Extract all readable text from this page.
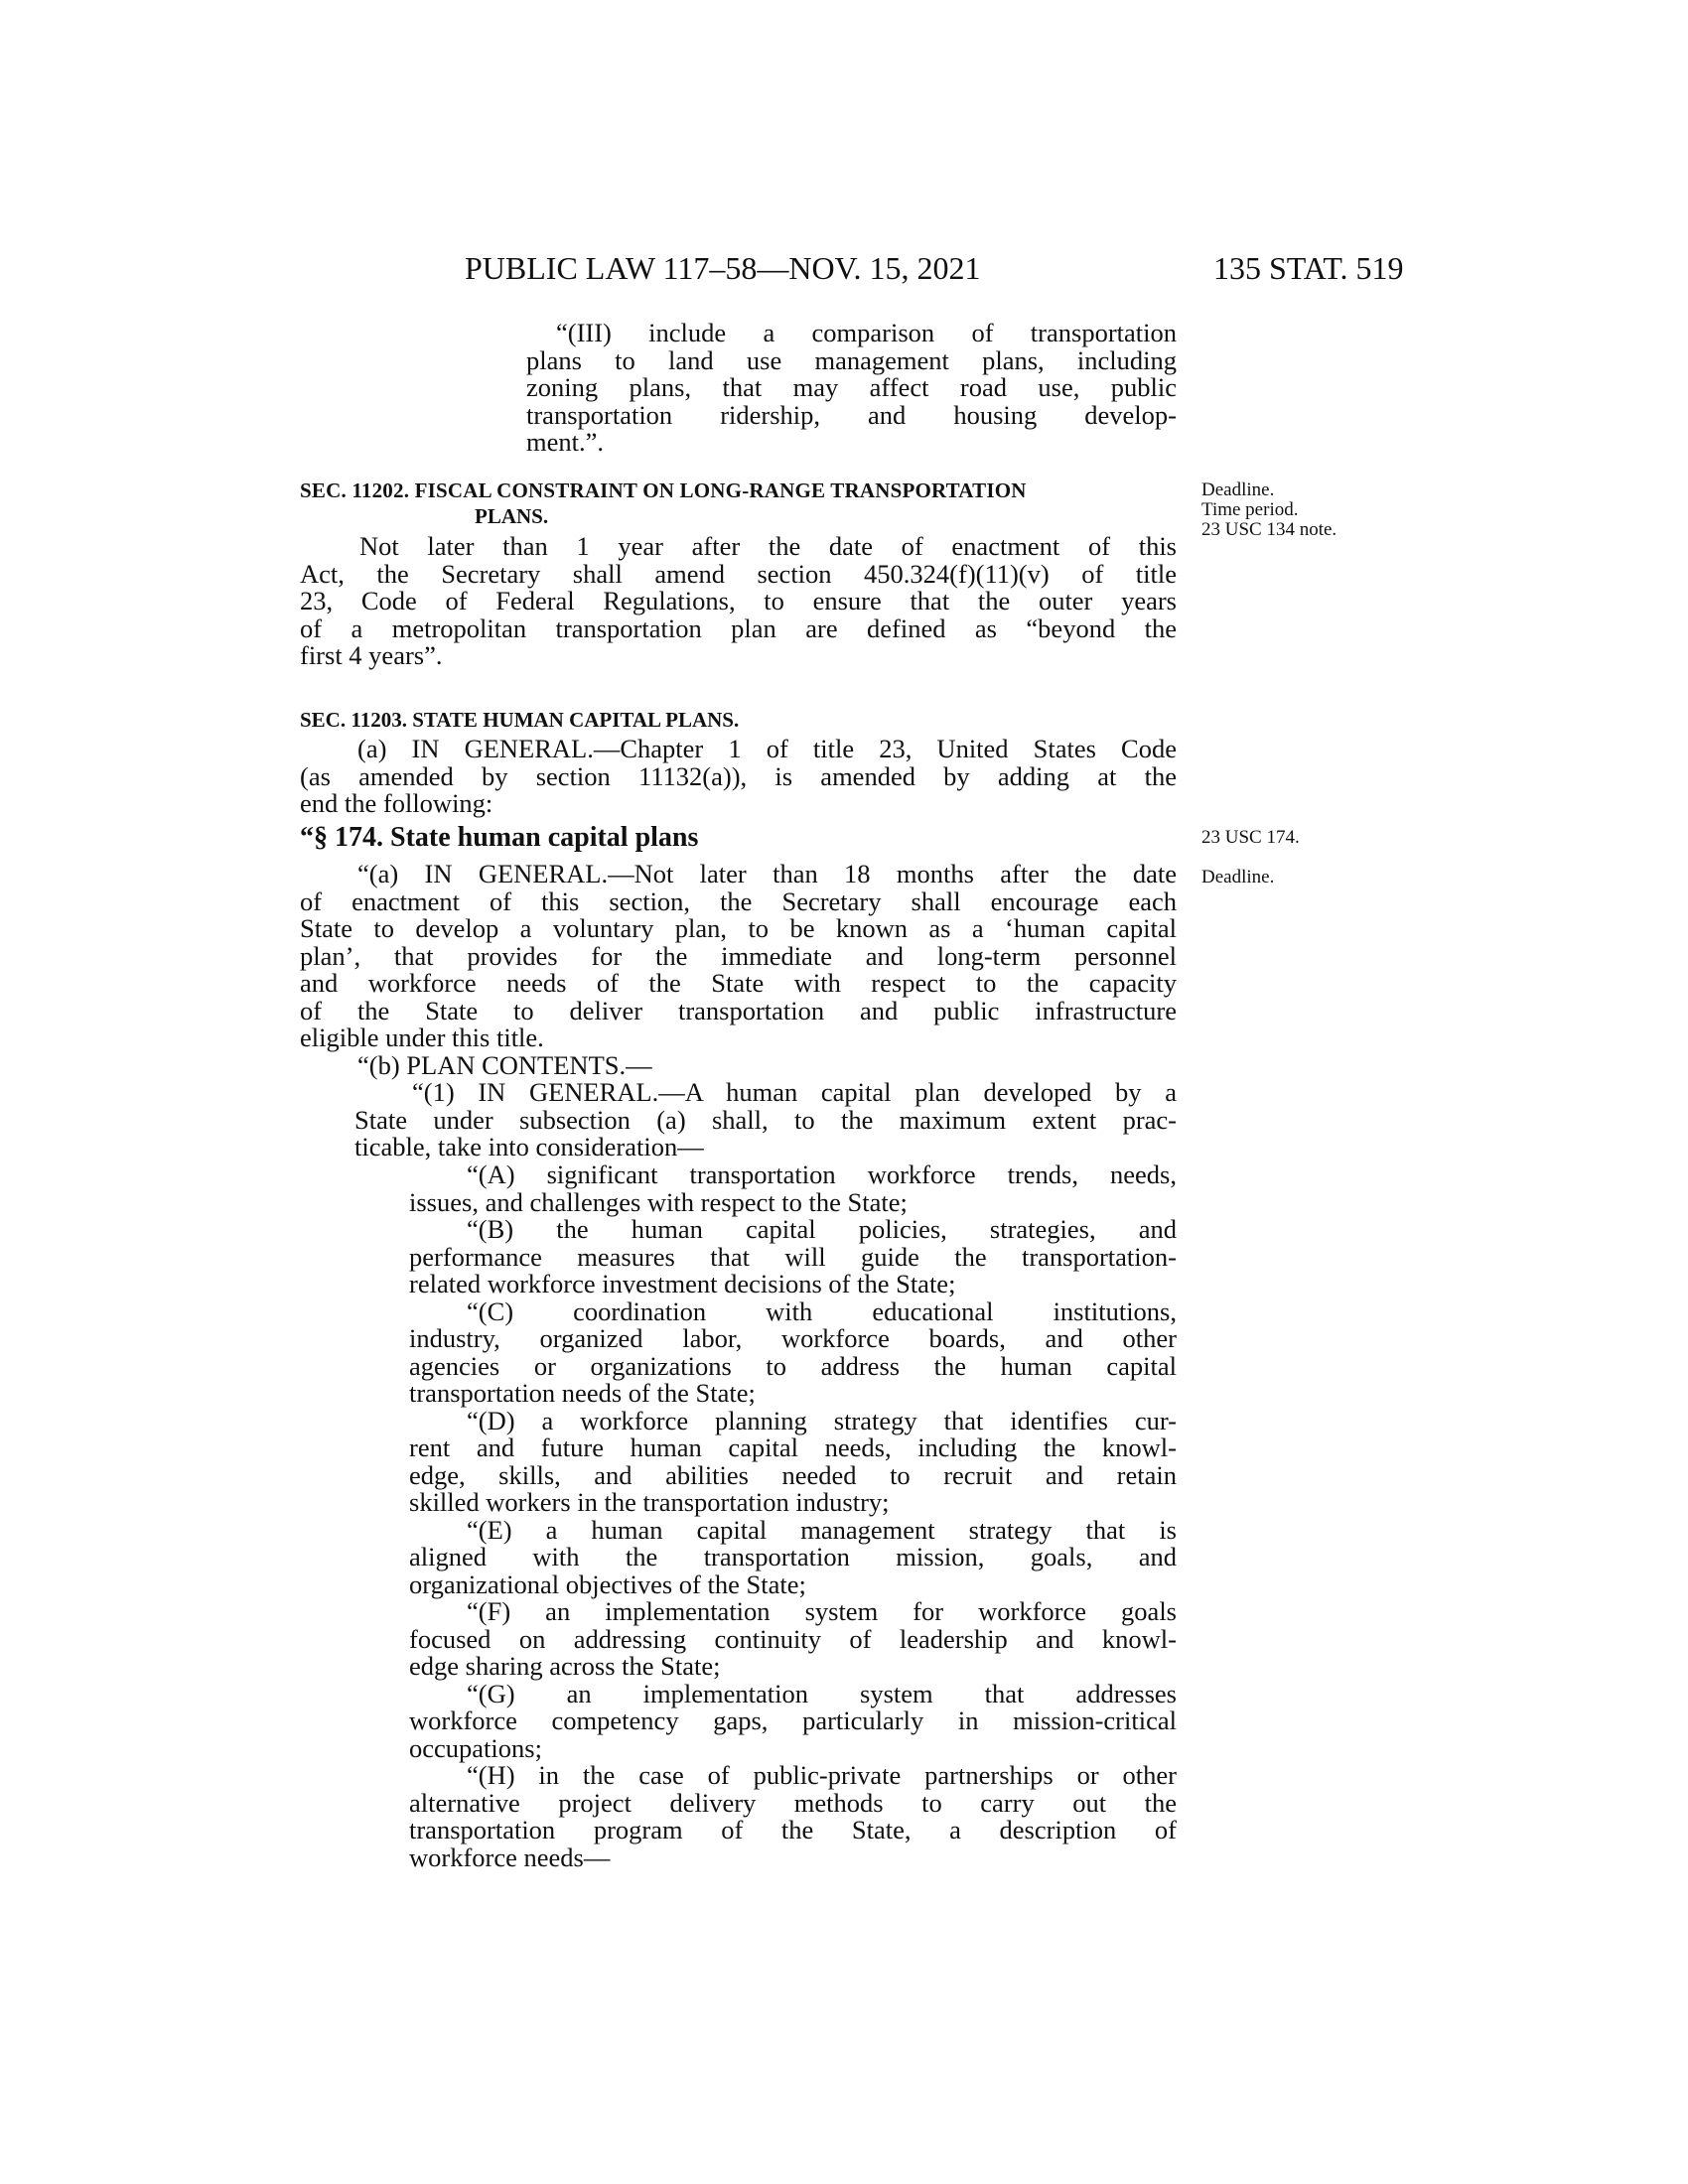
PUBLIC LAW 117–58—NOV. 15, 2021	135 STAT. 519
“(III) include a comparison of transportation
plans to land use management plans, including
zoning plans, that may affect road use, public
transportation ridership, and housing develop-
ment.”.
SEC. 11202. FISCAL CONSTRAINT ON LONG-RANGE TRANSPORTATION
PLANS.
Deadline.
Time period.
23 USC 134 note.
Not later than 1 year after the date of enactment of this
Act, the Secretary shall amend section 450.324(f)(11)(v) of title
23, Code of Federal Regulations, to ensure that the outer years
of a metropolitan transportation plan are defined as “beyond the
first 4 years”.
SEC. 11203. STATE HUMAN CAPITAL PLANS.
(a) IN GENERAL.—Chapter 1 of title 23, United States Code
(as amended by section 11132(a)), is amended by adding at the
end the following:
“§ 174. State human capital plans	23 USC 174.
Deadline.
“(a) IN GENERAL.—Not later than 18 months after the date
of enactment of this section, the Secretary shall encourage each
State to develop a voluntary plan, to be known as a ‘human capital
plan’, that provides for the immediate and long-term personnel
and workforce needs of the State with respect to the capacity
of the State to deliver transportation and public infrastructure
eligible under this title.
“(b) PLAN CONTENTS.—
“(1) IN GENERAL.—A human capital plan developed by a
State under subsection (a) shall, to the maximum extent prac-
ticable, take into consideration—
“(A) significant transportation workforce trends, needs,
issues, and challenges with respect to the State;
“(B) the human capital policies, strategies, and
performance measures that will guide the transportation-
related workforce investment decisions of the State;
“(C) coordination with educational institutions,
industry, organized labor, workforce boards, and other
agencies or organizations to address the human capital
transportation needs of the State;
“(D) a workforce planning strategy that identifies cur-
rent and future human capital needs, including the knowl-
edge, skills, and abilities needed to recruit and retain
skilled workers in the transportation industry;
“(E) a human capital management strategy that is
aligned with the transportation mission, goals, and
organizational objectives of the State;
“(F) an implementation system for workforce goals
focused on addressing continuity of leadership and knowl-
edge sharing across the State;
“(G) an implementation system that addresses
workforce competency gaps, particularly in mission-critical
occupations;
“(H) in the case of public-private partnerships or other
alternative project delivery methods to carry out the
transportation program of the State, a description of
workforce needs—
